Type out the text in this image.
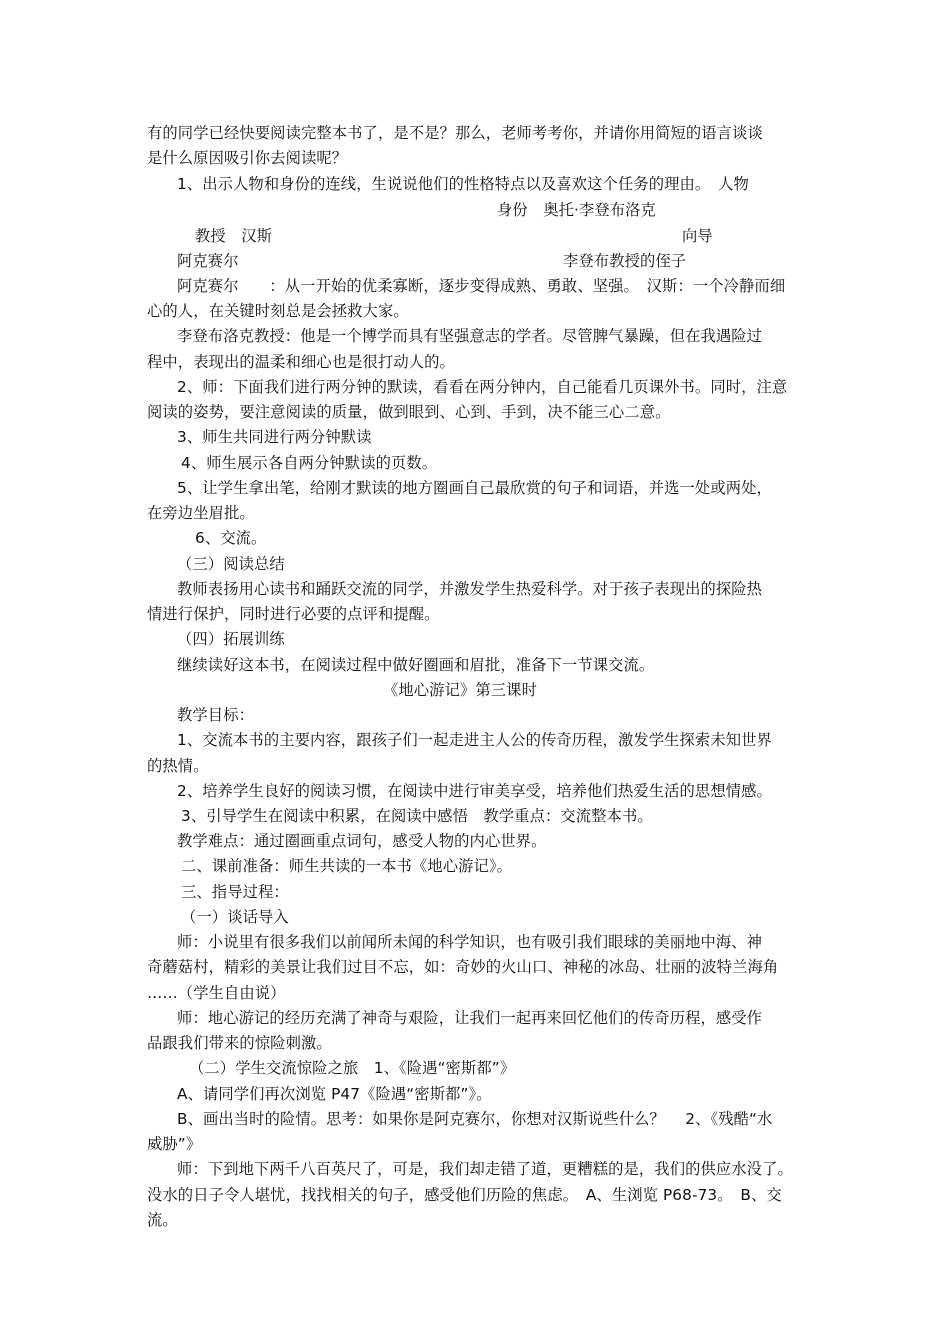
有的同学已经快要阅读完整本书了，是不是？那么，老师考考你，并请你用简短的语言谈谈
是什么原因吸引你去阅读呢？
1、出示人物和身份的连线，生说说他们的性格特点以及喜欢这个任务的理由。　人物
身份　奥托·李登布洛克
教授　汉斯	向导
阿克赛尔	李登布教授的侄子
阿克赛尔　　：从一开始的优柔寡断，逐步变得成熟、勇敢、坚强。　汉斯：一个冷静而细
心的人，在关键时刻总是会拯救大家。
李登布洛克教授：他是一个博学而具有坚强意志的学者。尽管脾气暴躁，但在我遇险过
程中，表现出的温柔和细心也是很打动人的。
2、师：下面我们进行两分钟的默读，看看在两分钟内，自己能看几页课外书。同时，注意
阅读的姿势，要注意阅读的质量，做到眼到、心到、手到，决不能三心二意。
3、师生共同进行两分钟默读
4、师生展示各自两分钟默读的页数。
5、让学生拿出笔，给刚才默读的地方圈画自己最欣赏的句子和词语，并选一处或两处，
在旁边坐眉批。
6、交流。
（三）阅读总结
教师表扬用心读书和踊跃交流的同学，并激发学生热爱科学。对于孩子表现出的探险热
情进行保护，同时进行必要的点评和提醒。
（四）拓展训练
继续读好这本书，在阅读过程中做好圈画和眉批，准备下一节课交流。
《地心游记》第三课时
教学目标：
1、交流本书的主要内容，跟孩子们一起走进主人公的传奇历程，激发学生探索未知世界
的热情。
2、培养学生良好的阅读习惯，在阅读中进行审美享受，培养他们热爱生活的思想情感。
3、引导学生在阅读中积累，在阅读中感悟　教学重点：交流整本书。
教学难点：通过圈画重点词句，感受人物的内心世界。
二、课前准备：师生共读的一本书《地心游记》。
三、指导过程：
（一）谈话导入
师：小说里有很多我们以前闻所未闻的科学知识，也有吸引我们眼球的美丽地中海、神
奇蘑菇村，精彩的美景让我们过目不忘，如：奇妙的火山口、神秘的冰岛、壮丽的波特兰海角
……（学生自由说）
师：地心游记的经历充满了神奇与艰险，让我们一起再来回忆他们的传奇历程，感受作
品跟我们带来的惊险刺激。
（二）学生交流惊险之旅　1、《险遇“密斯都”》
A、请同学们再次浏览 P47《险遇“密斯都”》。
B、画出当时的险情。思考：如果你是阿克赛尔，你想对汉斯说些什么？　 2、《残酷“水
威胁”》
师：下到地下两千八百英尺了，可是，我们却走错了道，更糟糕的是，我们的供应水没了。
没水的日子令人堪忧，找找相关的句子，感受他们历险的焦虑。　A、生浏览 P68-73。　B、交
流。
